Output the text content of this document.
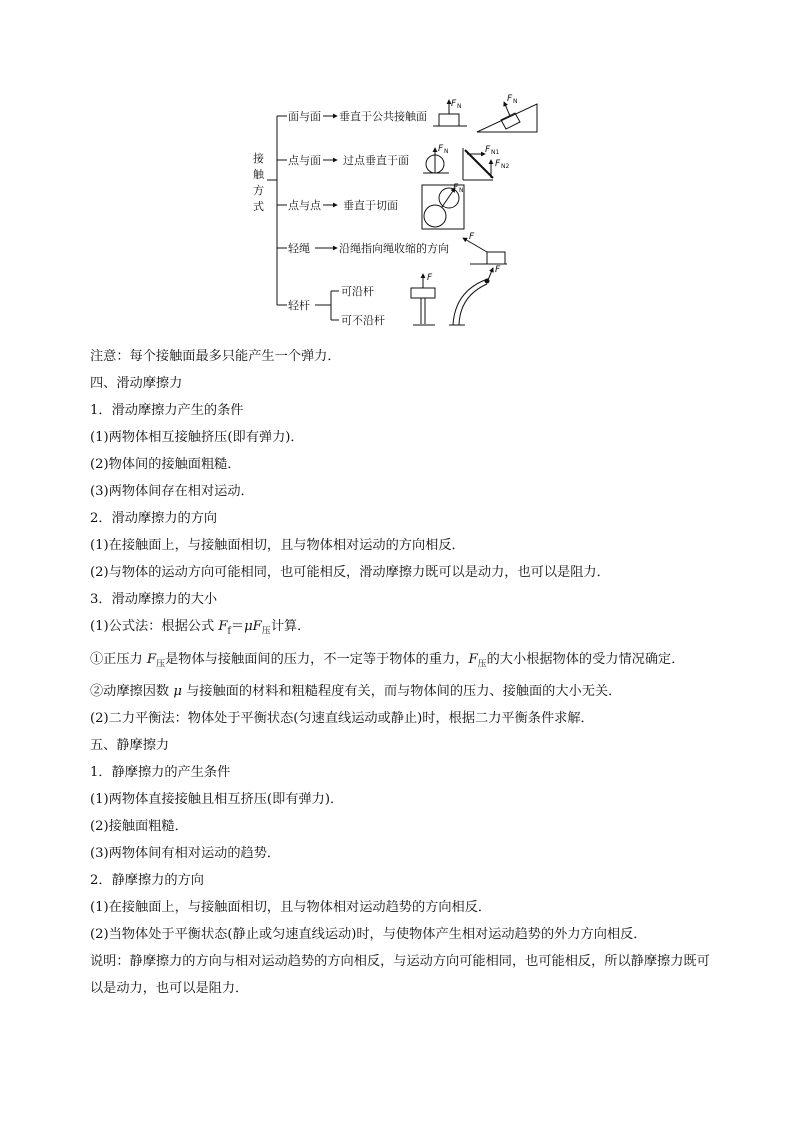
接
触
方
式
面与面 垂直于公共接触面
F N
F N
点与面 过点垂直于面
F N	F N1
F N2
点与点 垂直于切面
F N
轻绳	沿绳指向绳收缩的方向
F
轻杆
可沿杆
可不沿杆
F
F
注意：每个接触面最多只能产生一个弹力．
四、滑动摩擦力
1．滑动摩擦力产生的条件
(1)两物体相互接触挤压(即有弹力)．
(2)物体间的接触面粗糙．
(3)两物体间存在相对运动．
2．滑动摩擦力的方向
(1)在接触面上，与接触面相切，且与物体相对运动的方向相反．
(2)与物体的运动方向可能相同，也可能相反，滑动摩擦力既可以是动力，也可以是阻力．
3．滑动摩擦力的大小
(1)公式法：根据公式 $F_f=\mu F_压$计算．
①正压力 $F_压$是物体与接触面间的压力，不一定等于物体的重力，$F_压$的大小根据物体的受力情况确定．
②动摩擦因数 μ 与接触面的材料和粗糙程度有关，而与物体间的压力、接触面的大小无关．
(2)二力平衡法：物体处于平衡状态(匀速直线运动或静止)时，根据二力平衡条件求解．
五、静摩擦力
1．静摩擦力的产生条件
(1)两物体直接接触且相互挤压(即有弹力)．
(2)接触面粗糙．
(3)两物体间有相对运动的趋势．
2．静摩擦力的方向
(1)在接触面上，与接触面相切，且与物体相对运动趋势的方向相反．
(2)当物体处于平衡状态(静止或匀速直线运动)时，与使物体产生相对运动趋势的外力方向相反．
说明：静摩擦力的方向与相对运动趋势的方向相反，与运动方向可能相同，也可能相反，所以静摩擦力既可以是动力，也可以是阻力．
